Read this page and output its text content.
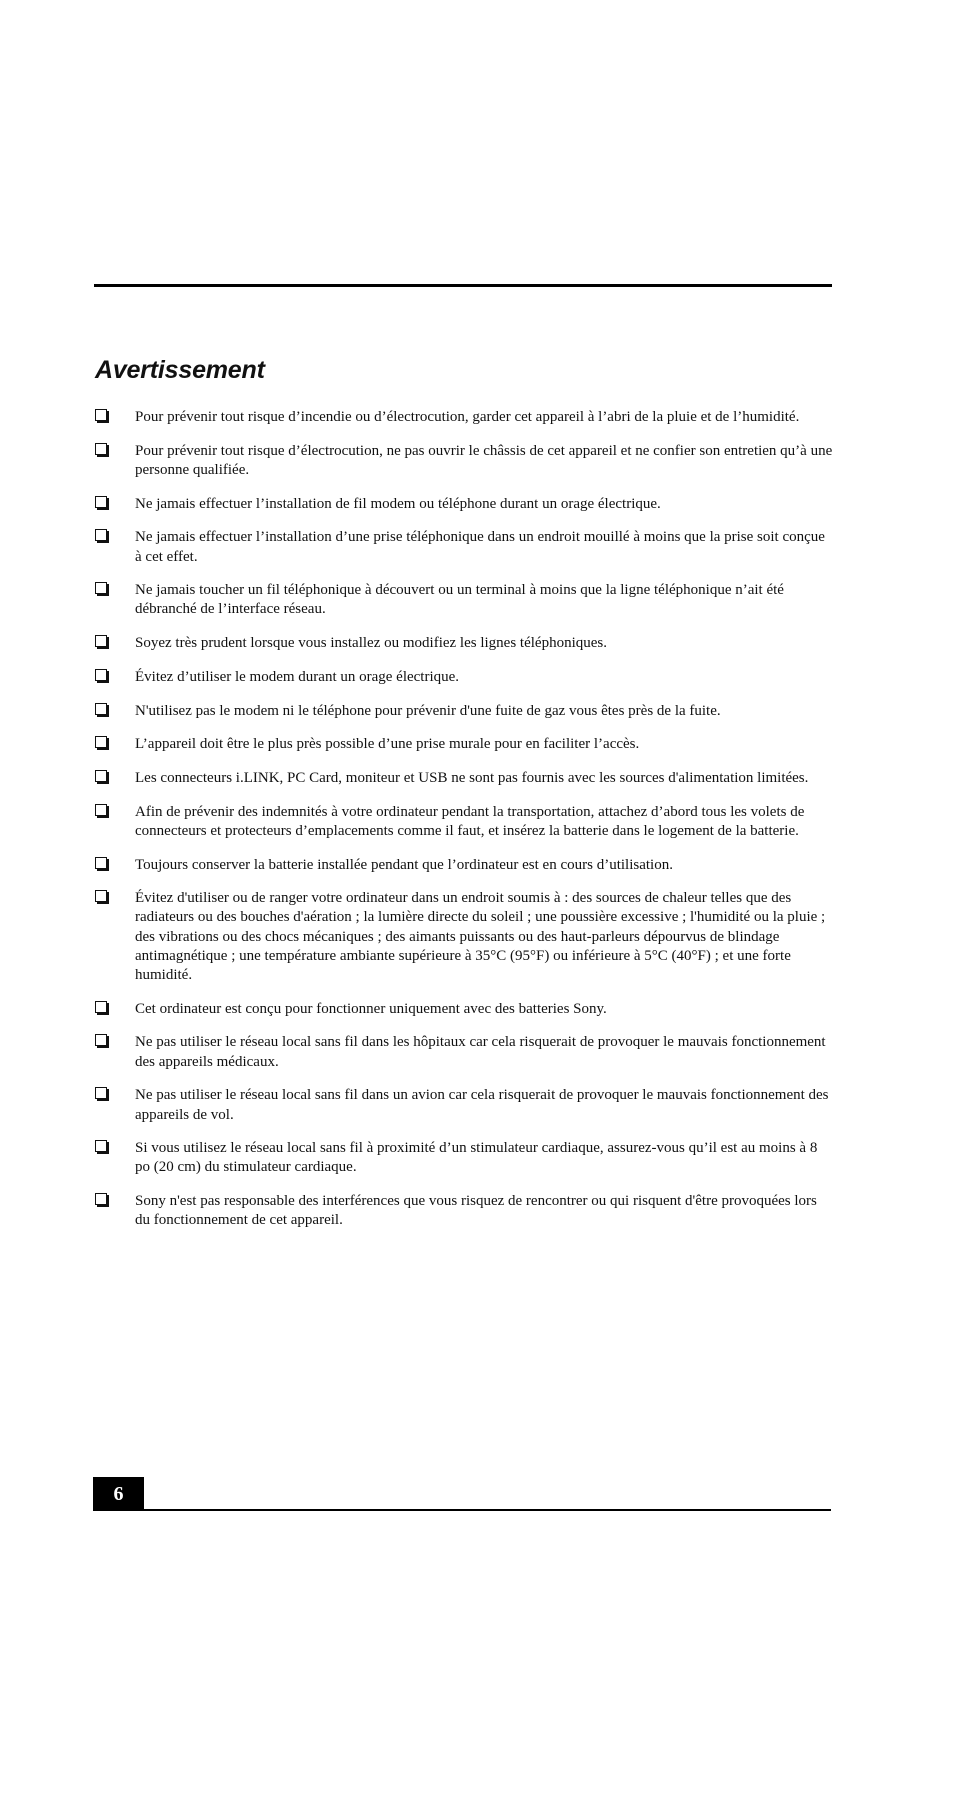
Avertissement
Pour prévenir tout risque d’incendie ou d’électrocution, garder cet appareil à l’abri de la pluie et de l’humidité.
Pour prévenir tout risque d’électrocution, ne pas ouvrir le châssis de cet appareil et ne confier son entretien qu’à une personne qualifiée.
Ne jamais effectuer l’installation de fil modem ou téléphone durant un orage électrique.
Ne jamais effectuer l’installation d’une prise téléphonique dans un endroit mouillé à moins que la prise soit conçue à cet effet.
Ne jamais toucher un fil téléphonique à découvert ou un terminal à moins que la ligne téléphonique n’ait été débranché de l’interface réseau.
Soyez très prudent lorsque vous installez ou modifiez les lignes téléphoniques.
Évitez d’utiliser le modem durant un orage électrique.
N'utilisez pas le modem ni le téléphone pour prévenir d'une fuite de gaz vous êtes près de la fuite.
L’appareil doit être le plus près possible d’une prise murale pour en faciliter l’accès.
Les connecteurs i.LINK, PC Card, moniteur et USB ne sont pas fournis avec les sources d'alimentation limitées.
Afin de prévenir des indemnités à votre ordinateur pendant la transportation, attachez d’abord tous les volets de connecteurs et protecteurs d’emplacements comme il faut, et insérez la batterie dans le logement de la batterie.
Toujours conserver la batterie installée pendant que l’ordinateur est en cours d’utilisation.
Évitez d'utiliser ou de ranger votre ordinateur dans un endroit soumis à : des sources de chaleur telles que des radiateurs ou des bouches d'aération ; la lumière directe du soleil ; une poussière excessive ; l'humidité ou la pluie ; des vibrations ou des chocs mécaniques ; des aimants puissants ou des haut-parleurs dépourvus de blindage antimagnétique ; une température ambiante supérieure à 35°C (95°F) ou inférieure à 5°C (40°F) ; et une forte humidité.
Cet ordinateur est conçu pour fonctionner uniquement avec des batteries Sony.
Ne pas utiliser le réseau local sans fil dans les hôpitaux car cela risquerait de provoquer le mauvais fonctionnement des appareils médicaux.
Ne pas utiliser le réseau local sans fil dans un avion car cela risquerait de provoquer le mauvais fonctionnement des appareils de vol.
Si vous utilisez le réseau local sans fil à proximité d’un stimulateur cardiaque, assurez-vous qu’il est au moins à 8 po (20 cm) du stimulateur cardiaque.
Sony n'est pas responsable des interférences que vous risquez de rencontrer ou qui risquent d'être provoquées lors du fonctionnement de cet appareil.
6
